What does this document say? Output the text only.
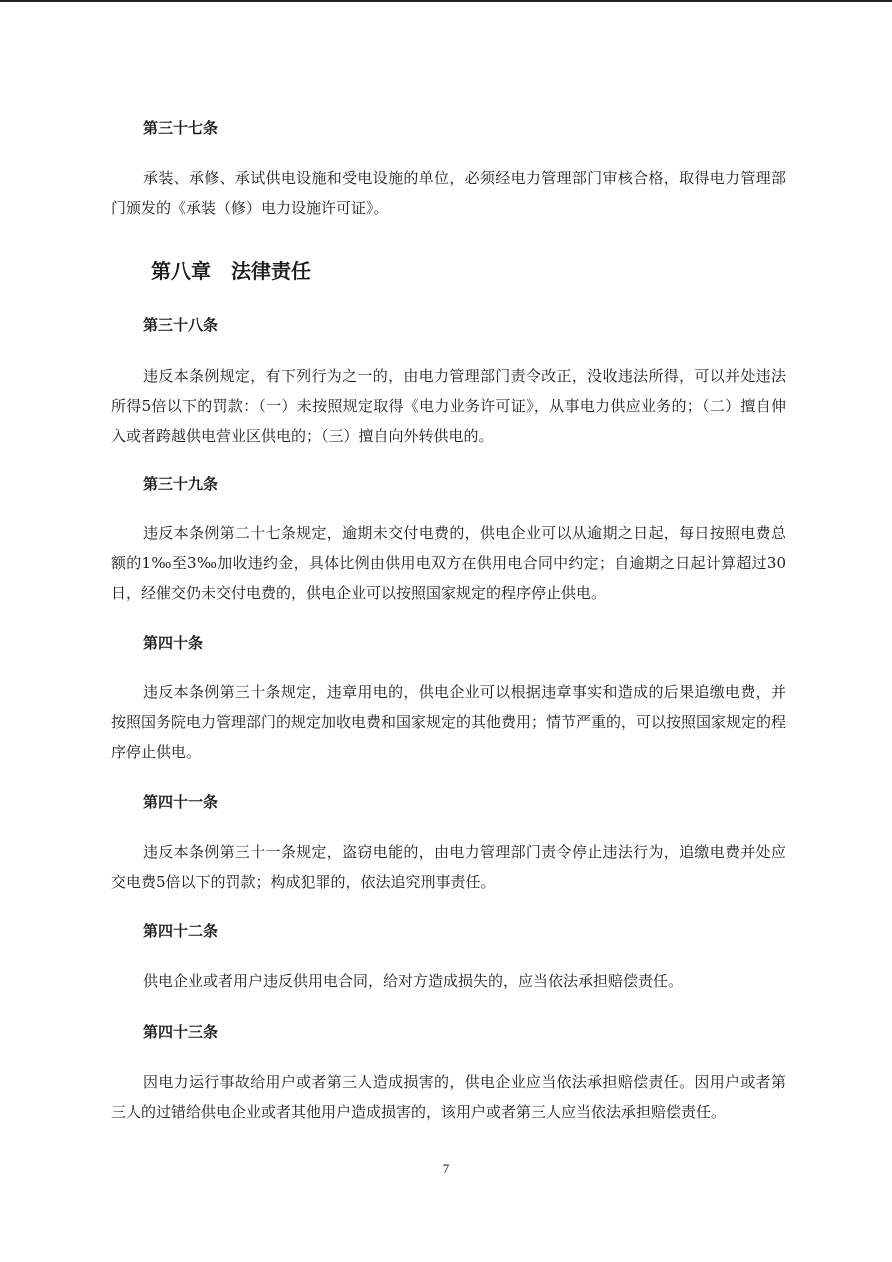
第三十七条
承装、承修、承试供电设施和受电设施的单位，必须经电力管理部门审核合格，取得电力管理部门颁发的《承装（修）电力设施许可证》。
第八章　法律责任
第三十八条
违反本条例规定，有下列行为之一的，由电力管理部门责令改正，没收违法所得，可以并处违法所得5倍以下的罚款：（一）未按照规定取得《电力业务许可证》，从事电力供应业务的；（二）擅自伸入或者跨越供电营业区供电的；（三）擅自向外转供电的。
第三十九条
违反本条例第二十七条规定，逾期未交付电费的，供电企业可以从逾期之日起，每日按照电费总额的1‰至3‰加收违约金，具体比例由供用电双方在供用电合同中约定；自逾期之日起计算超过30日，经催交仍未交付电费的，供电企业可以按照国家规定的程序停止供电。
第四十条
违反本条例第三十条规定，违章用电的，供电企业可以根据违章事实和造成的后果追缴电费，并按照国务院电力管理部门的规定加收电费和国家规定的其他费用；情节严重的，可以按照国家规定的程序停止供电。
第四十一条
违反本条例第三十一条规定，盗窃电能的，由电力管理部门责令停止违法行为，追缴电费并处应交电费5倍以下的罚款；构成犯罪的，依法追究刑事责任。
第四十二条
供电企业或者用户违反供用电合同，给对方造成损失的，应当依法承担赔偿责任。
第四十三条
因电力运行事故给用户或者第三人造成损害的，供电企业应当依法承担赔偿责任。因用户或者第三人的过错给供电企业或者其他用户造成损害的，该用户或者第三人应当依法承担赔偿责任。
7
